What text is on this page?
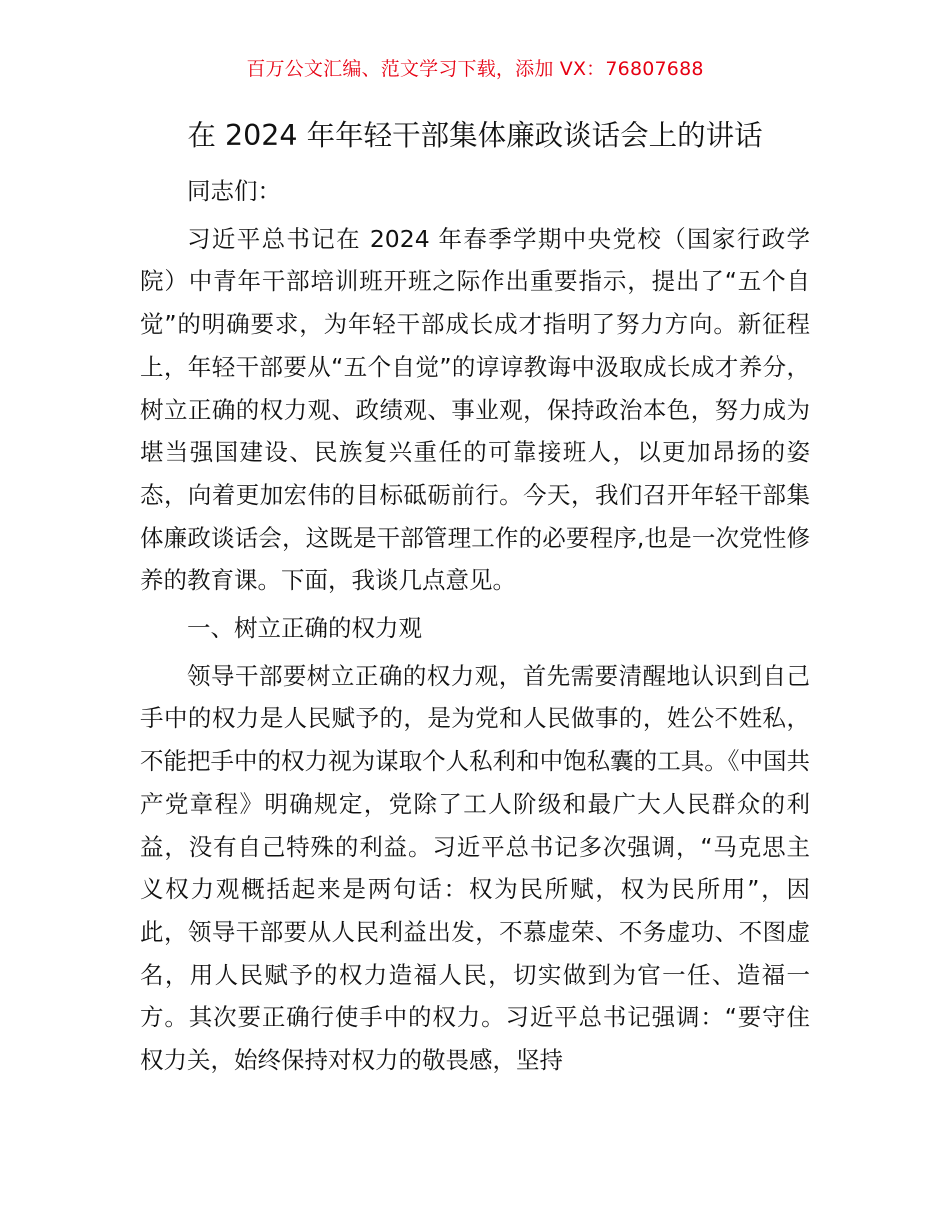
百万公文汇编、范文学习下载，添加 VX：76807688
在 2024 年年轻干部集体廉政谈话会上的讲话

同志们：

习近平总书记在 2024 年春季学期中央党校（国家行政学院）中青年干部培训班开班之际作出重要指示，提出了“五个自觉”的明确要求，为年轻干部成长成才指明了努力方向。新征程上，年轻干部要从“五个自觉”的谆谆教诲中汲取成长成才养分，树立正确的权力观、政绩观、事业观，保持政治本色，努力成为堪当强国建设、民族复兴重任的可靠接班人，以更加昂扬的姿态，向着更加宏伟的目标砥砺前行。今天，我们召开年轻干部集体廉政谈话会，这既是干部管理工作的必要程序,也是一次党性修养的教育课。下面，我谈几点意见。

一、树立正确的权力观

领导干部要树立正确的权力观，首先需要清醒地认识到自己手中的权力是人民赋予的，是为党和人民做事的，姓公不姓私，不能把手中的权力视为谋取个人私利和中饱私囊的工具。《中国共产党章程》明确规定，党除了工人阶级和最广大人民群众的利益，没有自己特殊的利益。习近平总书记多次强调，“马克思主义权力观概括起来是两句话：权为民所赋，权为民所用”，因此，领导干部要从人民利益出发，不慕虚荣、不务虚功、不图虚名，用人民赋予的权力造福人民，切实做到为官一任、造福一方。其次要正确行使手中的权力。习近平总书记强调：“要守住权力关，始终保持对权力的敬畏感，坚持
